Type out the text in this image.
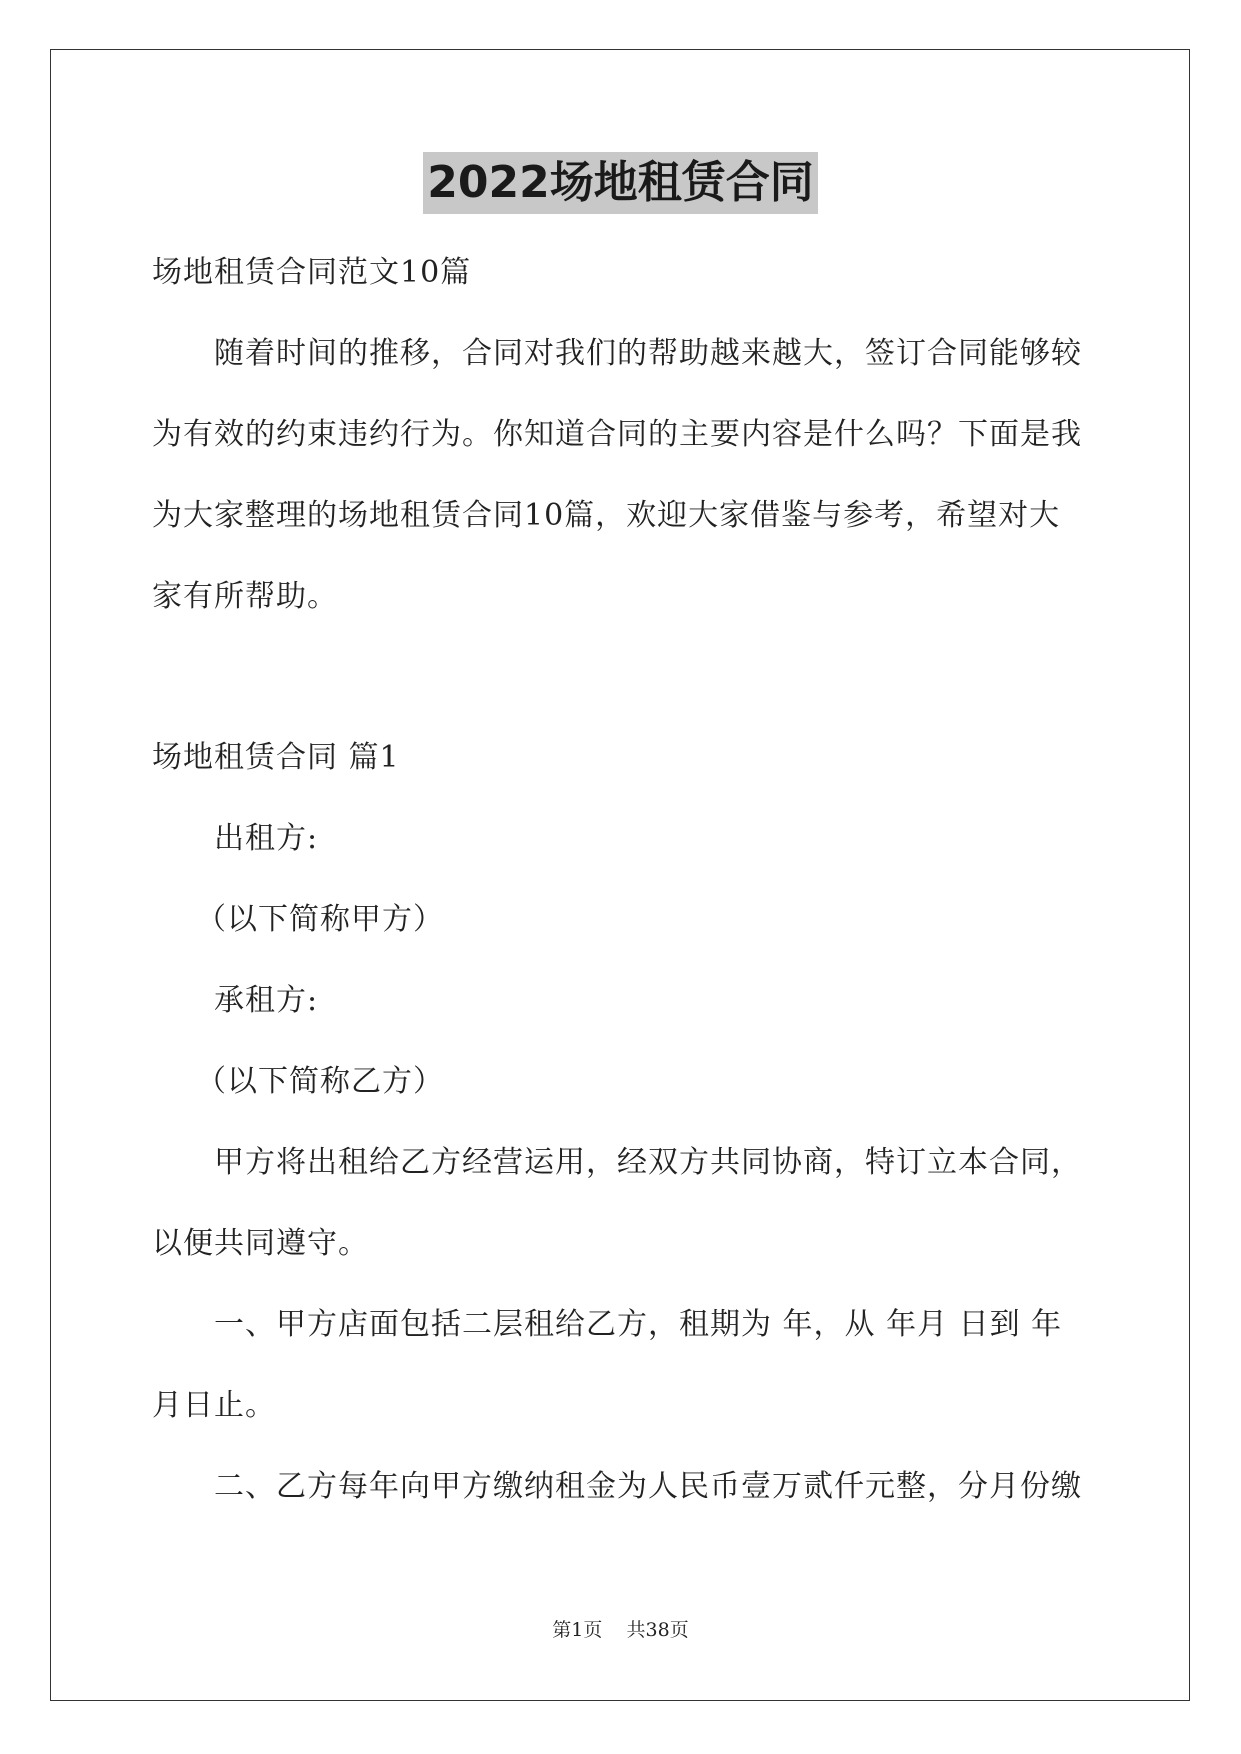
2022场地租赁合同

场地租赁合同范文10篇

随着时间的推移，合同对我们的帮助越来越大，签订合同能够较为有效的约束违约行为。你知道合同的主要内容是什么吗？下面是我为大家整理的场地租赁合同10篇，欢迎大家借鉴与参考，希望对大家有所帮助。

场地租赁合同 篇1

出租方:

（以下简称甲方）

承租方:

（以下简称乙方）

甲方将出租给乙方经营运用，经双方共同协商，特订立本合同，以便共同遵守。

一、甲方店面包括二层租给乙方，租期为 年，从 年月 日到 年月日止。

二、乙方每年向甲方缴纳租金为人民币壹万贰仟元整，分月份缴

第1页 共38页
